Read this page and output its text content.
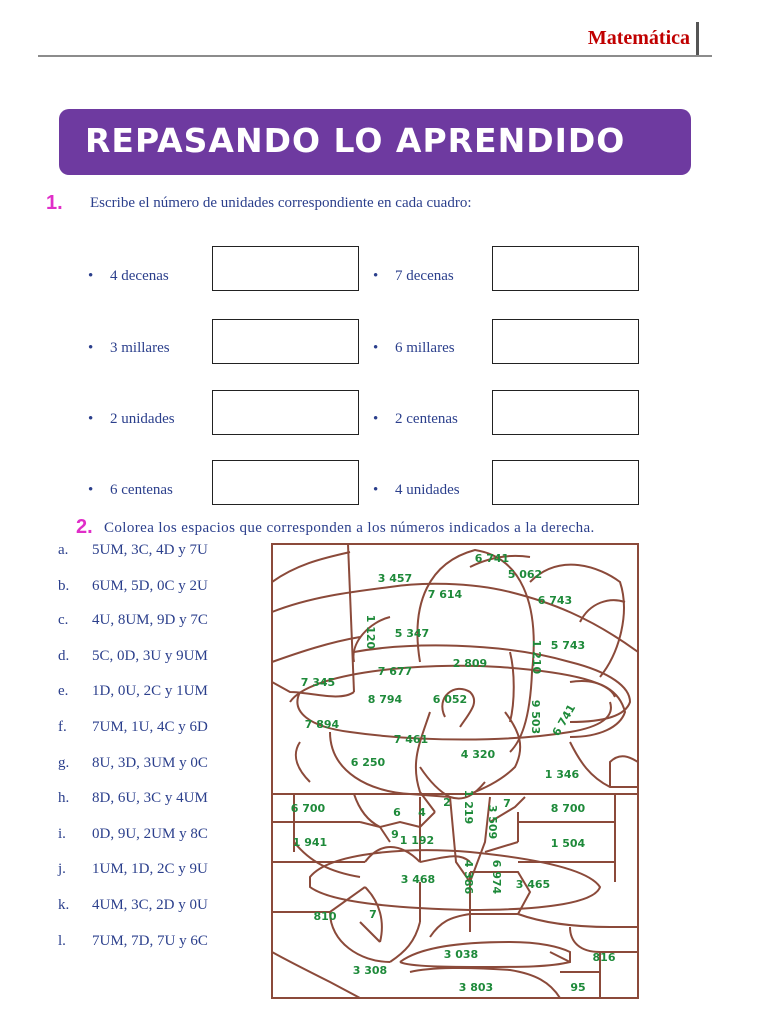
Matemática
REPASANDO LO APRENDIDO
1. Escribe el número de unidades correspondiente en cada cuadro:
• 4 decenas
• 3 millares
• 2 unidades
• 6 centenas
• 7 decenas
• 6 millares
• 2 centenas
• 4 unidades
2. Colorea los espacios que corresponden a los números indicados a la derecha.
a. 5UM, 3C, 4D y 7U
b. 6UM, 5D, 0C y 2U
c. 4U, 8UM, 9D y 7C
d. 5C, 0D, 3U y 9UM
e. 1D, 0U, 2C y 1UM
f. 7UM, 1U, 4C y 6D
g. 8U, 3D, 3UM y 0C
h. 8D, 6U, 3C y 4UM
i. 0D, 9U, 2UM y 8C
j. 1UM, 1D, 2C y 9U
k. 4UM, 3C, 2D y 0U
l. 7UM, 7D, 7U y 6C
6 741
3 457	5 062
7 614	6 743
1 120 5 347
5 743
1 210
7 677
2 809
7 345
8 794	6 052
7 894	9 503 6 741
7 461
4 320
6 250
1 346
2	7
6 700	6 4	1 219 3 509	8 700
9
1 941	1 192	1 504
3 468 4 386 6 974 3 465
810	7
3 038	816
3 308
3 803	95
